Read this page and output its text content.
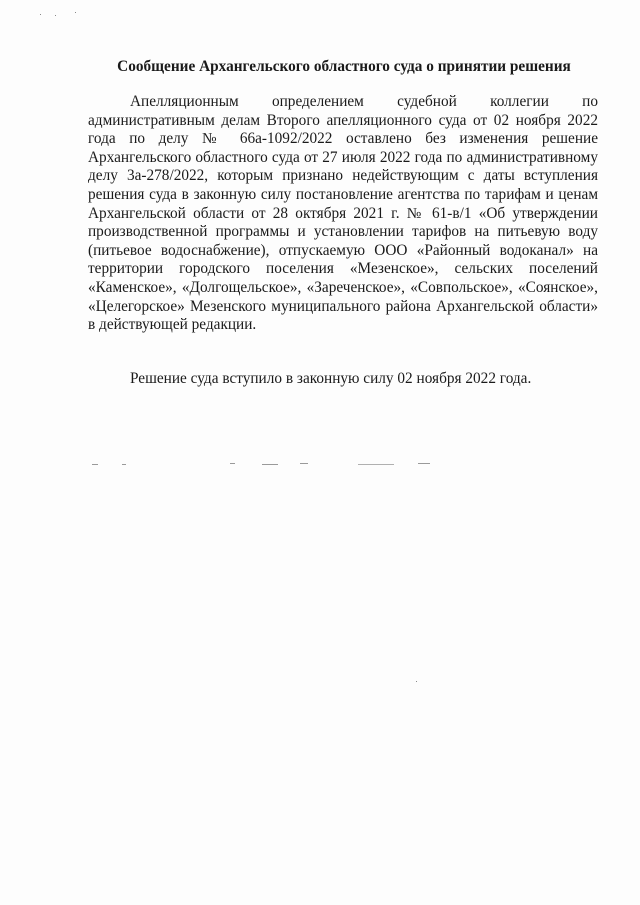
Сообщение Архангельского областного суда о принятии решения

Апелляционным определением судебной коллегии по административным делам Второго апелляционного суда от 02 ноября 2022 года по делу № 66а-1092/2022 оставлено без изменения решение Архангельского областного суда от 27 июля 2022 года по административному делу 3а-278/2022, которым признано недействующим с даты вступления решения суда в законную силу постановление агентства по тарифам и ценам Архангельской области от 28 октября 2021 г. № 61-в/1 «Об утверждении производственной программы и установлении тарифов на питьевую воду (питьевое водоснабжение), отпускаемую ООО «Районный водоканал» на территории городского поселения «Мезенское», сельских поселений «Каменское», «Долгощельское», «Зареченское», «Совпольское», «Соянское», «Целегорское» Мезенского муниципального района Архангельской области» в действующей редакции.

Решение суда вступило в законную силу 02 ноября 2022 года.
